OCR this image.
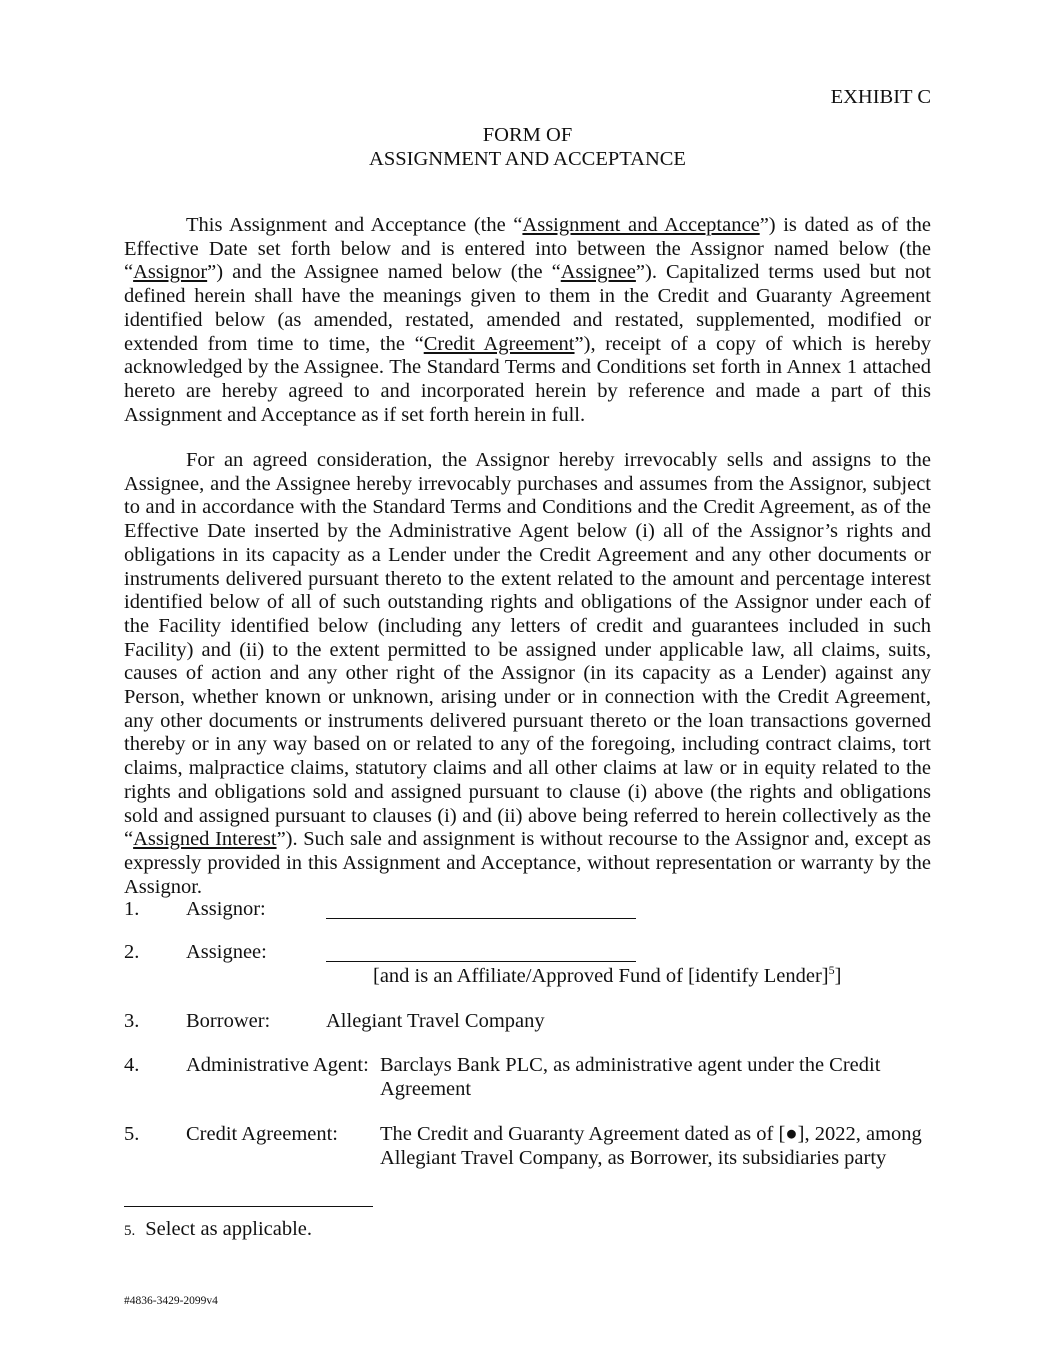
EXHIBIT C
FORM OF
ASSIGNMENT AND ACCEPTANCE

This Assignment and Acceptance (the “Assignment and Acceptance”) is dated as of the Effective Date set forth below and is entered into between the Assignor named below (the “Assignor”) and the Assignee named below (the “Assignee”). Capitalized terms used but not defined herein shall have the meanings given to them in the Credit and Guaranty Agreement identified below (as amended, restated, amended and restated, supplemented, modified or extended from time to time, the “Credit Agreement”), receipt of a copy of which is hereby acknowledged by the Assignee. The Standard Terms and Conditions set forth in Annex 1 attached hereto are hereby agreed to and incorporated herein by reference and made a part of this Assignment and Acceptance as if set forth herein in full.

For an agreed consideration, the Assignor hereby irrevocably sells and assigns to the Assignee, and the Assignee hereby irrevocably purchases and assumes from the Assignor, subject to and in accordance with the Standard Terms and Conditions and the Credit Agreement, as of the Effective Date inserted by the Administrative Agent below (i) all of the Assignor’s rights and obligations in its capacity as a Lender under the Credit Agreement and any other documents or instruments delivered pursuant thereto to the extent related to the amount and percentage interest identified below of all of such outstanding rights and obligations of the Assignor under each of the Facility identified below (including any letters of credit and guarantees included in such Facility) and (ii) to the extent permitted to be assigned under applicable law, all claims, suits, causes of action and any other right of the Assignor (in its capacity as a Lender) against any Person, whether known or unknown, arising under or in connection with the Credit Agreement, any other documents or instruments delivered pursuant thereto or the loan transactions governed thereby or in any way based on or related to any of the foregoing, including contract claims, tort claims, malpractice claims, statutory claims and all other claims at law or in equity related to the rights and obligations sold and assigned pursuant to clause (i) above (the rights and obligations sold and assigned pursuant to clauses (i) and (ii) above being referred to herein collectively as the “Assigned Interest”). Such sale and assignment is without recourse to the Assignor and, except as expressly provided in this Assignment and Acceptance, without representation or warranty by the Assignor.

1. Assignor:
2. Assignee:
[and is an Affiliate/Approved Fund of [identify Lender]$^5$]
3. Borrower:	Allegiant Travel Company
4. Administrative Agent: Barclays Bank PLC, as administrative agent under the Credit
Agreement
5. Credit Agreement: The Credit and Guaranty Agreement dated as of [●], 2022, among
Allegiant Travel Company, as Borrower, its subsidiaries party
5. Select as applicable.
#4836-3429-2099v4
